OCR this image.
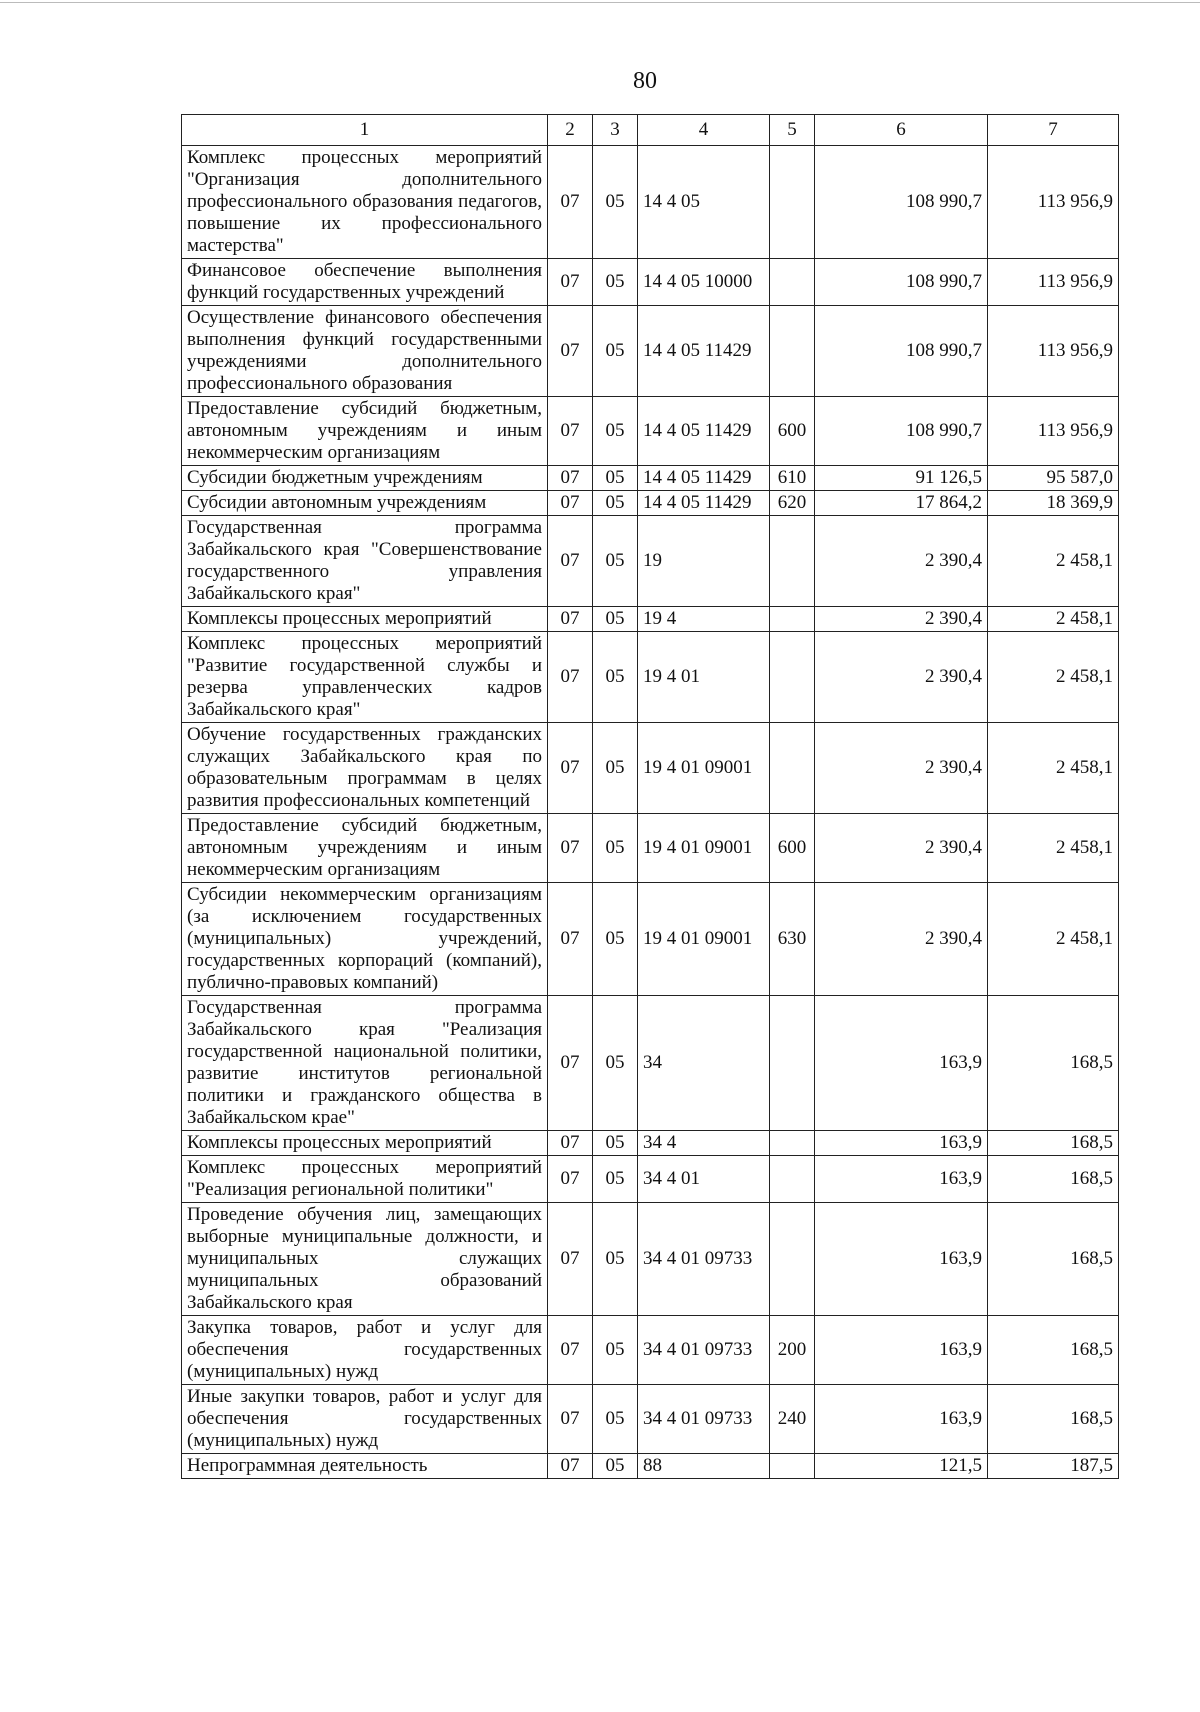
80
1	2	3	4	5	6	7
Комплекс процессных мероприятий "Организация дополнительного профессионального образования педагогов, повышение их профессионального мастерства"	07	05	14 4 05		108 990,7	113 956,9
Финансовое обеспечение выполнения функций государственных учреждений	07	05	14 4 05 10000		108 990,7	113 956,9
Осуществление финансового обеспечения выполнения функций государственными учреждениями дополнительного профессионального образования	07	05	14 4 05 11429		108 990,7	113 956,9
Предоставление субсидий бюджетным, автономным учреждениям и иным некоммерческим организациям	07	05	14 4 05 11429	600	108 990,7	113 956,9
Субсидии бюджетным учреждениям	07	05	14 4 05 11429	610	91 126,5	95 587,0
Субсидии автономным учреждениям	07	05	14 4 05 11429	620	17 864,2	18 369,9
Государственная программа Забайкальского края "Совершенствование государственного управления Забайкальского края"	07	05	19		2 390,4	2 458,1
Комплексы процессных мероприятий	07	05	19 4		2 390,4	2 458,1
Комплекс процессных мероприятий "Развитие государственной службы и резерва управленческих кадров Забайкальского края"	07	05	19 4 01		2 390,4	2 458,1
Обучение государственных гражданских служащих Забайкальского края по образовательным программам в целях развития профессиональных компетенций	07	05	19 4 01 09001		2 390,4	2 458,1
Предоставление субсидий бюджетным, автономным учреждениям и иным некоммерческим организациям	07	05	19 4 01 09001	600	2 390,4	2 458,1
Субсидии некоммерческим организациям (за исключением государственных (муниципальных) учреждений, государственных корпораций (компаний), публично-правовых компаний)	07	05	19 4 01 09001	630	2 390,4	2 458,1
Государственная программа Забайкальского края "Реализация государственной национальной политики, развитие институтов региональной политики и гражданского общества в Забайкальском крае"	07	05	34		163,9	168,5
Комплексы процессных мероприятий	07	05	34 4		163,9	168,5
Комплекс процессных мероприятий "Реализация региональной политики"	07	05	34 4 01		163,9	168,5
Проведение обучения лиц, замещающих выборные муниципальные должности, и муниципальных служащих муниципальных образований Забайкальского края	07	05	34 4 01 09733		163,9	168,5
Закупка товаров, работ и услуг для обеспечения государственных (муниципальных) нужд	07	05	34 4 01 09733	200	163,9	168,5
Иные закупки товаров, работ и услуг для обеспечения государственных (муниципальных) нужд	07	05	34 4 01 09733	240	163,9	168,5
Непрограммная деятельность	07	05	88		121,5	187,5
